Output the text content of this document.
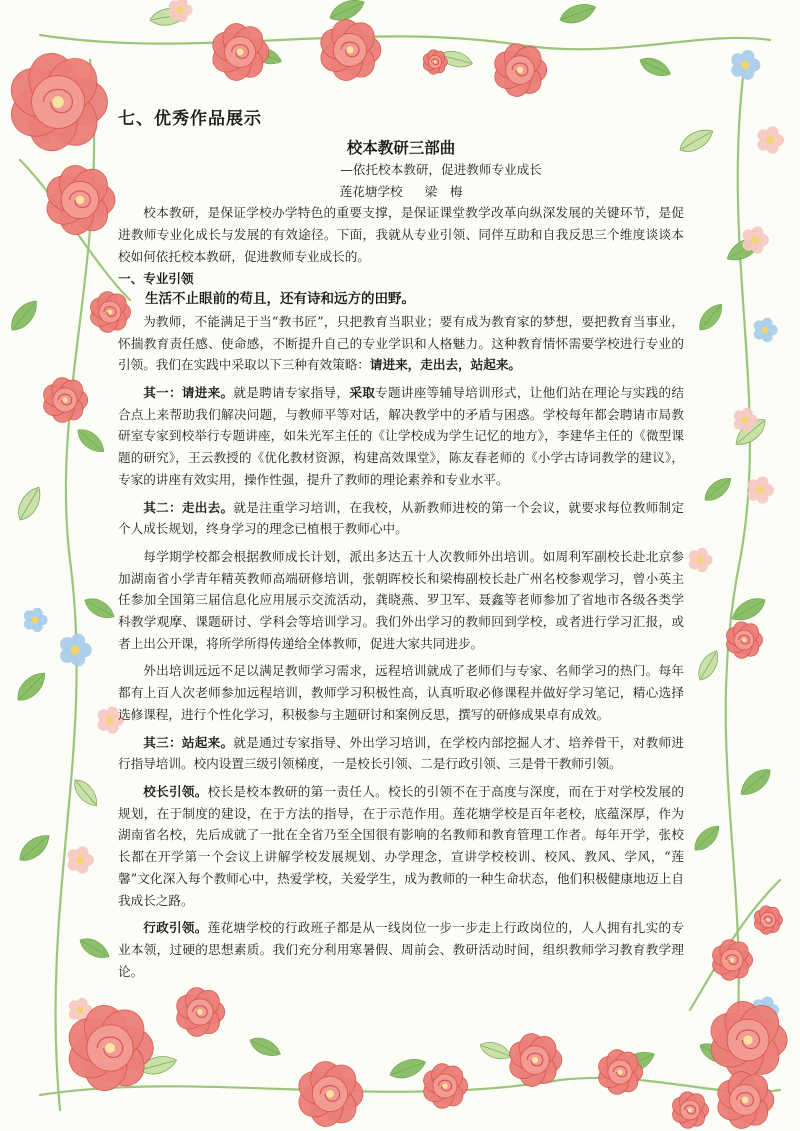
七、优秀作品展示

校本教研三部曲

—依托校本教研，促进教师专业成长

莲花塘学校 梁　梅

校本教研，是保证学校办学特色的重要支撑，是保证课堂教学改革向纵深发展的关键环节，是促进教师专业化成长与发展的有效途径。下面，我就从专业引领、同伴互助和自我反思三个维度谈谈本校如何依托校本教研，促进教师专业成长的。

一、专业引领

生活不止眼前的苟且，还有诗和远方的田野。

为教师，不能满足于当“教书匠”，只把教育当职业；要有成为教育家的梦想，要把教育当事业，怀揣教育责任感、使命感，不断提升自己的专业学识和人格魅力。这种教育情怀需要学校进行专业的引领。我们在实践中采取以下三种有效策略：请进来，走出去，站起来。

其一：请进来。就是聘请专家指导，采取专题讲座等辅导培训形式，让他们站在理论与实践的结合点上来帮助我们解决问题，与教师平等对话，解决教学中的矛盾与困惑。学校每年都会聘请市局教研室专家到校举行专题讲座，如朱光军主任的《让学校成为学生记忆的地方》，李建华主任的《微型课题的研究》，王云教授的《优化教材资源，构建高效课堂》，陈友春老师的《小学古诗词教学的建议》，专家的讲座有效实用，操作性强，提升了教师的理论素养和专业水平。

其二：走出去。就是注重学习培训，在我校，从新教师进校的第一个会议，就要求每位教师制定个人成长规划，终身学习的理念已植根于教师心中。

每学期学校都会根据教师成长计划，派出多达五十人次教师外出培训。如周利军副校长赴北京参加湖南省小学青年精英教师高端研修培训，张朝晖校长和梁梅副校长赴广州名校参观学习，曾小英主任参加全国第三届信息化应用展示交流活动，龚晓燕、罗卫军、聂鑫等老师参加了省地市各级各类学科教学观摩、课题研讨、学科会等培训学习。我们外出学习的教师回到学校，或者进行学习汇报，或者上出公开课，将所学所得传递给全体教师，促进大家共同进步。

外出培训远远不足以满足教师学习需求，远程培训就成了老师们与专家、名师学习的热门。每年都有上百人次老师参加远程培训，教师学习积极性高，认真听取必修课程并做好学习笔记，精心选择选修课程，进行个性化学习，积极参与主题研讨和案例反思，撰写的研修成果卓有成效。

其三：站起来。就是通过专家指导、外出学习培训，在学校内部挖掘人才、培养骨干，对教师进行指导培训。校内设置三级引领梯度，一是校长引领、二是行政引领、三是骨干教师引领。

校长引领。校长是校本教研的第一责任人。校长的引领不在于高度与深度，而在于对学校发展的规划，在于制度的建设，在于方法的指导，在于示范作用。莲花塘学校是百年老校，底蕴深厚，作为湖南省名校，先后成就了一批在全省乃至全国很有影响的名教师和教育管理工作者。每年开学，张校长都在开学第一个会议上讲解学校发展规划、办学理念，宣讲学校校训、校风、教风、学风，“莲馨”文化深入每个教师心中，热爱学校，关爱学生，成为教师的一种生命状态，他们积极健康地迈上自我成长之路。

行政引领。莲花塘学校的行政班子都是从一线岗位一步一步走上行政岗位的，人人拥有扎实的专业本领，过硬的思想素质。我们充分利用寒暑假、周前会、教研活动时间，组织教师学习教育教学理论。
